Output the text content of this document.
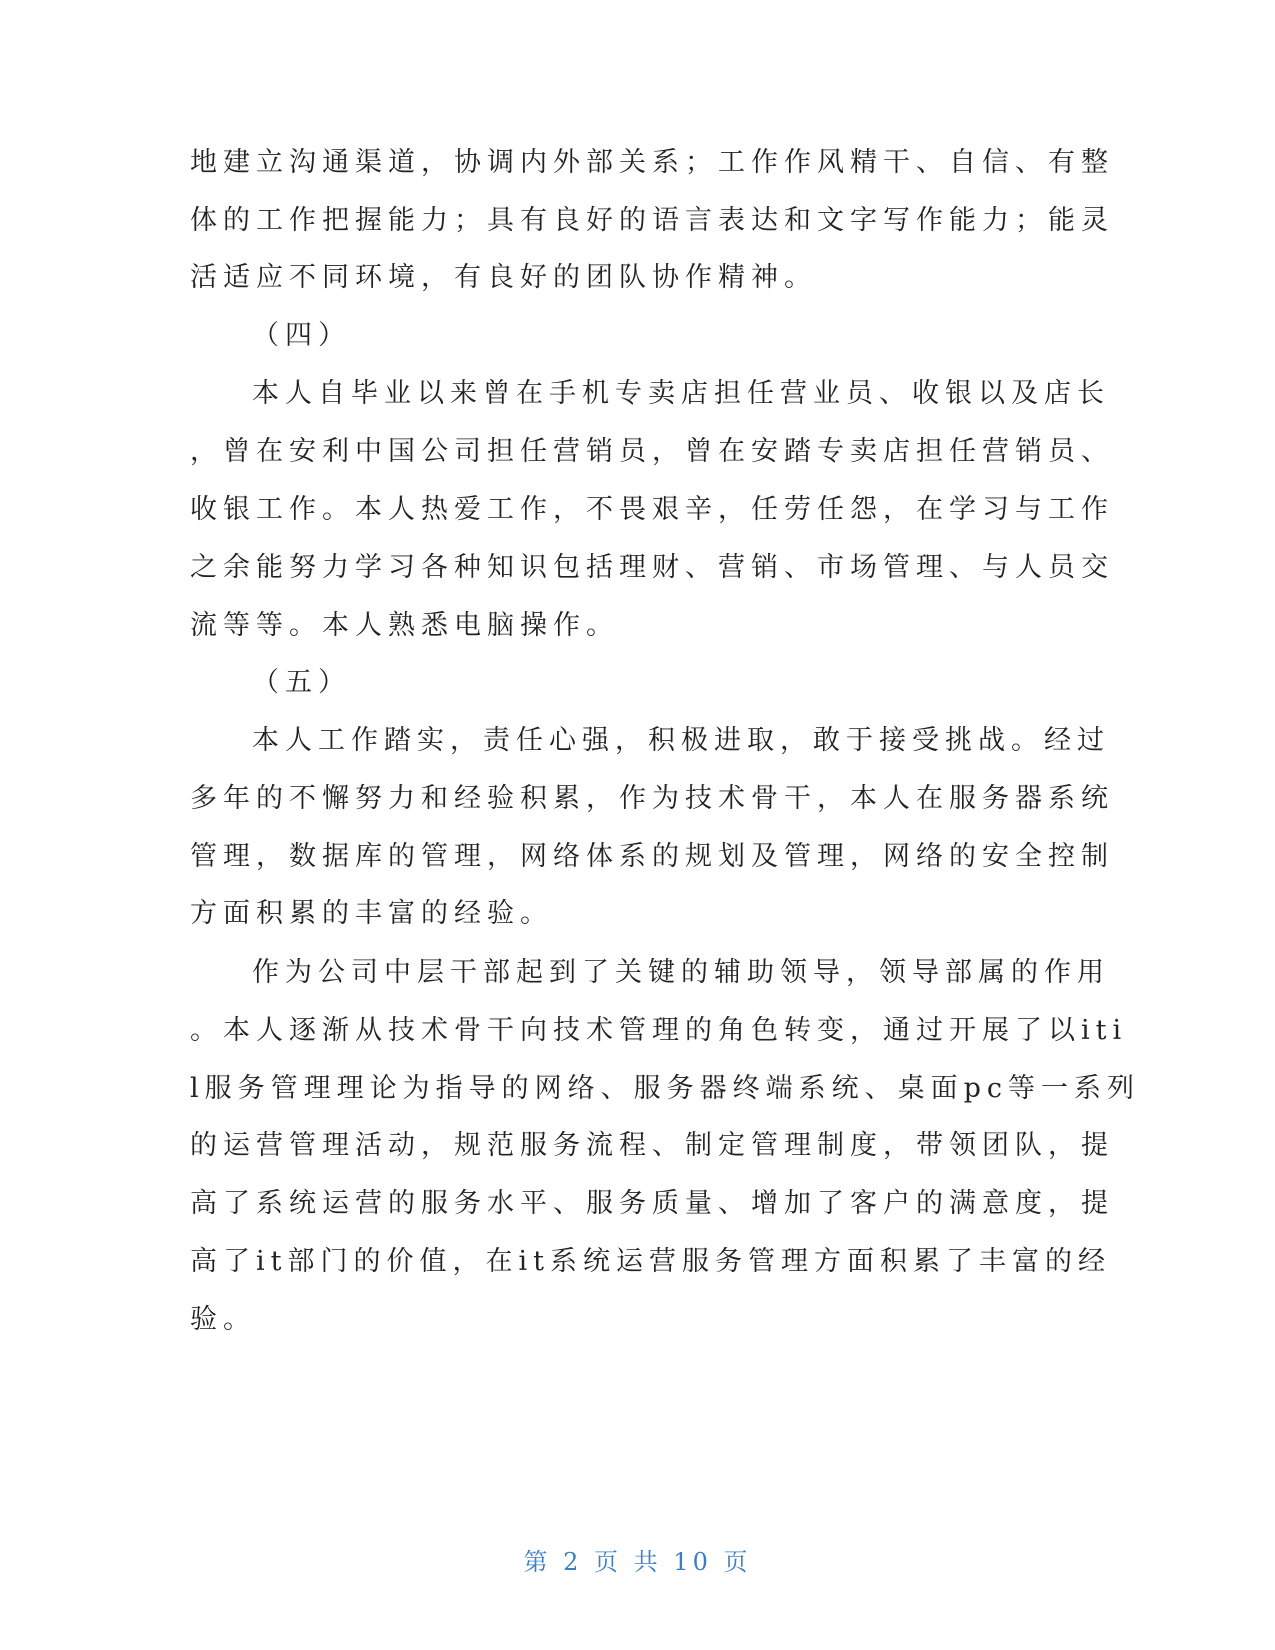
地建立沟通渠道，协调内外部关系；工作作风精干、自信、有整
体的工作把握能力；具有良好的语言表达和文字写作能力；能灵
活适应不同环境，有良好的团队协作精神。
（四）
本人自毕业以来曾在手机专卖店担任营业员、收银以及店长
，曾在安利中国公司担任营销员，曾在安踏专卖店担任营销员、
收银工作。本人热爱工作，不畏艰辛，任劳任怨，在学习与工作
之余能努力学习各种知识包括理财、营销、市场管理、与人员交
流等等。本人熟悉电脑操作。
（五）
本人工作踏实，责任心强，积极进取，敢于接受挑战。经过
多年的不懈努力和经验积累，作为技术骨干，本人在服务器系统
管理，数据库的管理，网络体系的规划及管理，网络的安全控制
方面积累的丰富的经验。
作为公司中层干部起到了关键的辅助领导，领导部属的作用
。本人逐渐从技术骨干向技术管理的角色转变，通过开展了以iti
l服务管理理论为指导的网络、服务器终端系统、桌面pc等一系列
的运营管理活动，规范服务流程、制定管理制度，带领团队，提
高了系统运营的服务水平、服务质量、增加了客户的满意度，提
高了it部门的价值，在it系统运营服务管理方面积累了丰富的经
验。
第 2 页 共 10 页
